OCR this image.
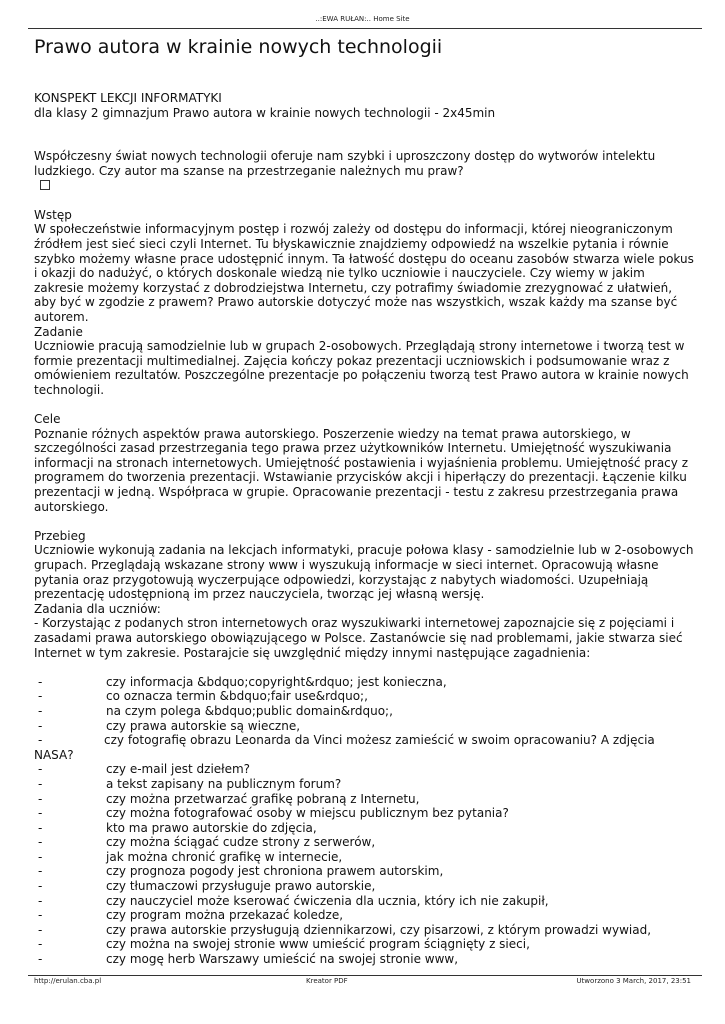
..:EWA RUŁAN:.. Home Site
Prawo autora w krainie nowych technologii

KONSPEKT LEKCJI INFORMATYKI

dla klasy 2 gimnazjum Prawo autora w krainie nowych technologii - 2x45min

Współczesny świat nowych technologii oferuje nam szybki i uproszczony dostęp do wytworów intelektu ludzkiego. Czy autor ma szanse na przestrzeganie należnych mu praw?

Wstęp

W społeczeństwie informacyjnym postęp i rozwój zależy od dostępu do informacji, której nieograniczonym źródłem jest sieć sieci czyli Internet. Tu błyskawicznie znajdziemy odpowiedź na wszelkie pytania i równie szybko możemy własne prace udostępnić innym. Ta łatwość dostępu do oceanu zasobów stwarza wiele pokus i okazji do nadużyć, o których doskonale wiedzą nie tylko uczniowie i nauczyciele. Czy wiemy w jakim zakresie możemy korzystać z dobrodziejstwa Internetu, czy potrafimy świadomie zrezygnować z ułatwień, aby być w zgodzie z prawem? Prawo autorskie dotyczyć może nas wszystkich, wszak każdy ma szanse być autorem.

Zadanie

Uczniowie pracują samodzielnie lub w grupach 2-osobowych. Przeglądają strony internetowe i tworzą test w formie prezentacji multimedialnej. Zajęcia kończy pokaz prezentacji uczniowskich i podsumowanie wraz z omówieniem rezultatów. Poszczególne prezentacje po połączeniu tworzą test Prawo autora w krainie nowych technologii.

Cele

Poznanie różnych aspektów prawa autorskiego. Poszerzenie wiedzy na temat prawa autorskiego, w szczególności zasad przestrzegania tego prawa przez użytkowników Internetu. Umiejętność wyszukiwania informacji na stronach internetowych. Umiejętność postawienia i wyjaśnienia problemu. Umiejętność pracy z programem do tworzenia prezentacji. Wstawianie przycisków akcji i hiperłączy do prezentacji. Łączenie kilku prezentacji w jedną. Współpraca w grupie. Opracowanie prezentacji - testu z zakresu przestrzegania prawa autorskiego.

Przebieg

Uczniowie wykonują zadania na lekcjach informatyki, pracuje połowa klasy - samodzielnie lub w 2-osobowych grupach. Przeglądają wskazane strony www i wyszukują informacje w sieci internet. Opracowują własne pytania oraz przygotowują wyczerpujące odpowiedzi, korzystając z nabytych wiadomości. Uzupełniają prezentację udostępnioną im przez nauczyciela, tworząc jej własną wersję.

Zadania dla uczniów:

- Korzystając z podanych stron internetowych oraz wyszukiwarki internetowej zapoznajcie się z pojęciami i zasadami prawa autorskiego obowiązującego w Polsce. Zastanówcie się nad problemami, jakie stwarza sieć Internet w tym zakresie. Postarajcie się uwzględnić między innymi następujące zagadnienia:

-	czy informacja &bdquo;copyright&rdquo; jest konieczna,
-	co oznacza termin &bdquo;fair use&rdquo;,
-	na czym polega &bdquo;public domain&rdquo;,
-	czy prawa autorskie są wieczne,
-	czy fotografię obrazu Leonarda da Vinci możesz zamieścić w swoim opracowaniu? A zdjęcia NASA?
-	czy e-mail jest dziełem?
-	a tekst zapisany na publicznym forum?
-	czy można przetwarzać grafikę pobraną z Internetu,
-	czy można fotografować osoby w miejscu publicznym bez pytania?
-	kto ma prawo autorskie do zdjęcia,
-	czy można ściągać cudze strony z serwerów,
-	jak można chronić grafikę w internecie,
-	czy prognoza pogody jest chroniona prawem autorskim,
-	czy tłumaczowi przysługuje prawo autorskie,
-	czy nauczyciel może kserować ćwiczenia dla ucznia, który ich nie zakupił,
-	czy program można przekazać koledze,
-	czy prawa autorskie przysługują dziennikarzowi, czy pisarzowi, z którym prowadzi wywiad,
-	czy można na swojej stronie www umieścić program ściągnięty z sieci,
-	czy mogę herb Warszawy umieścić na swojej stronie www,
http://erulan.cba.pl	Kreator PDF	Utworzono 3 March, 2017, 23:51
